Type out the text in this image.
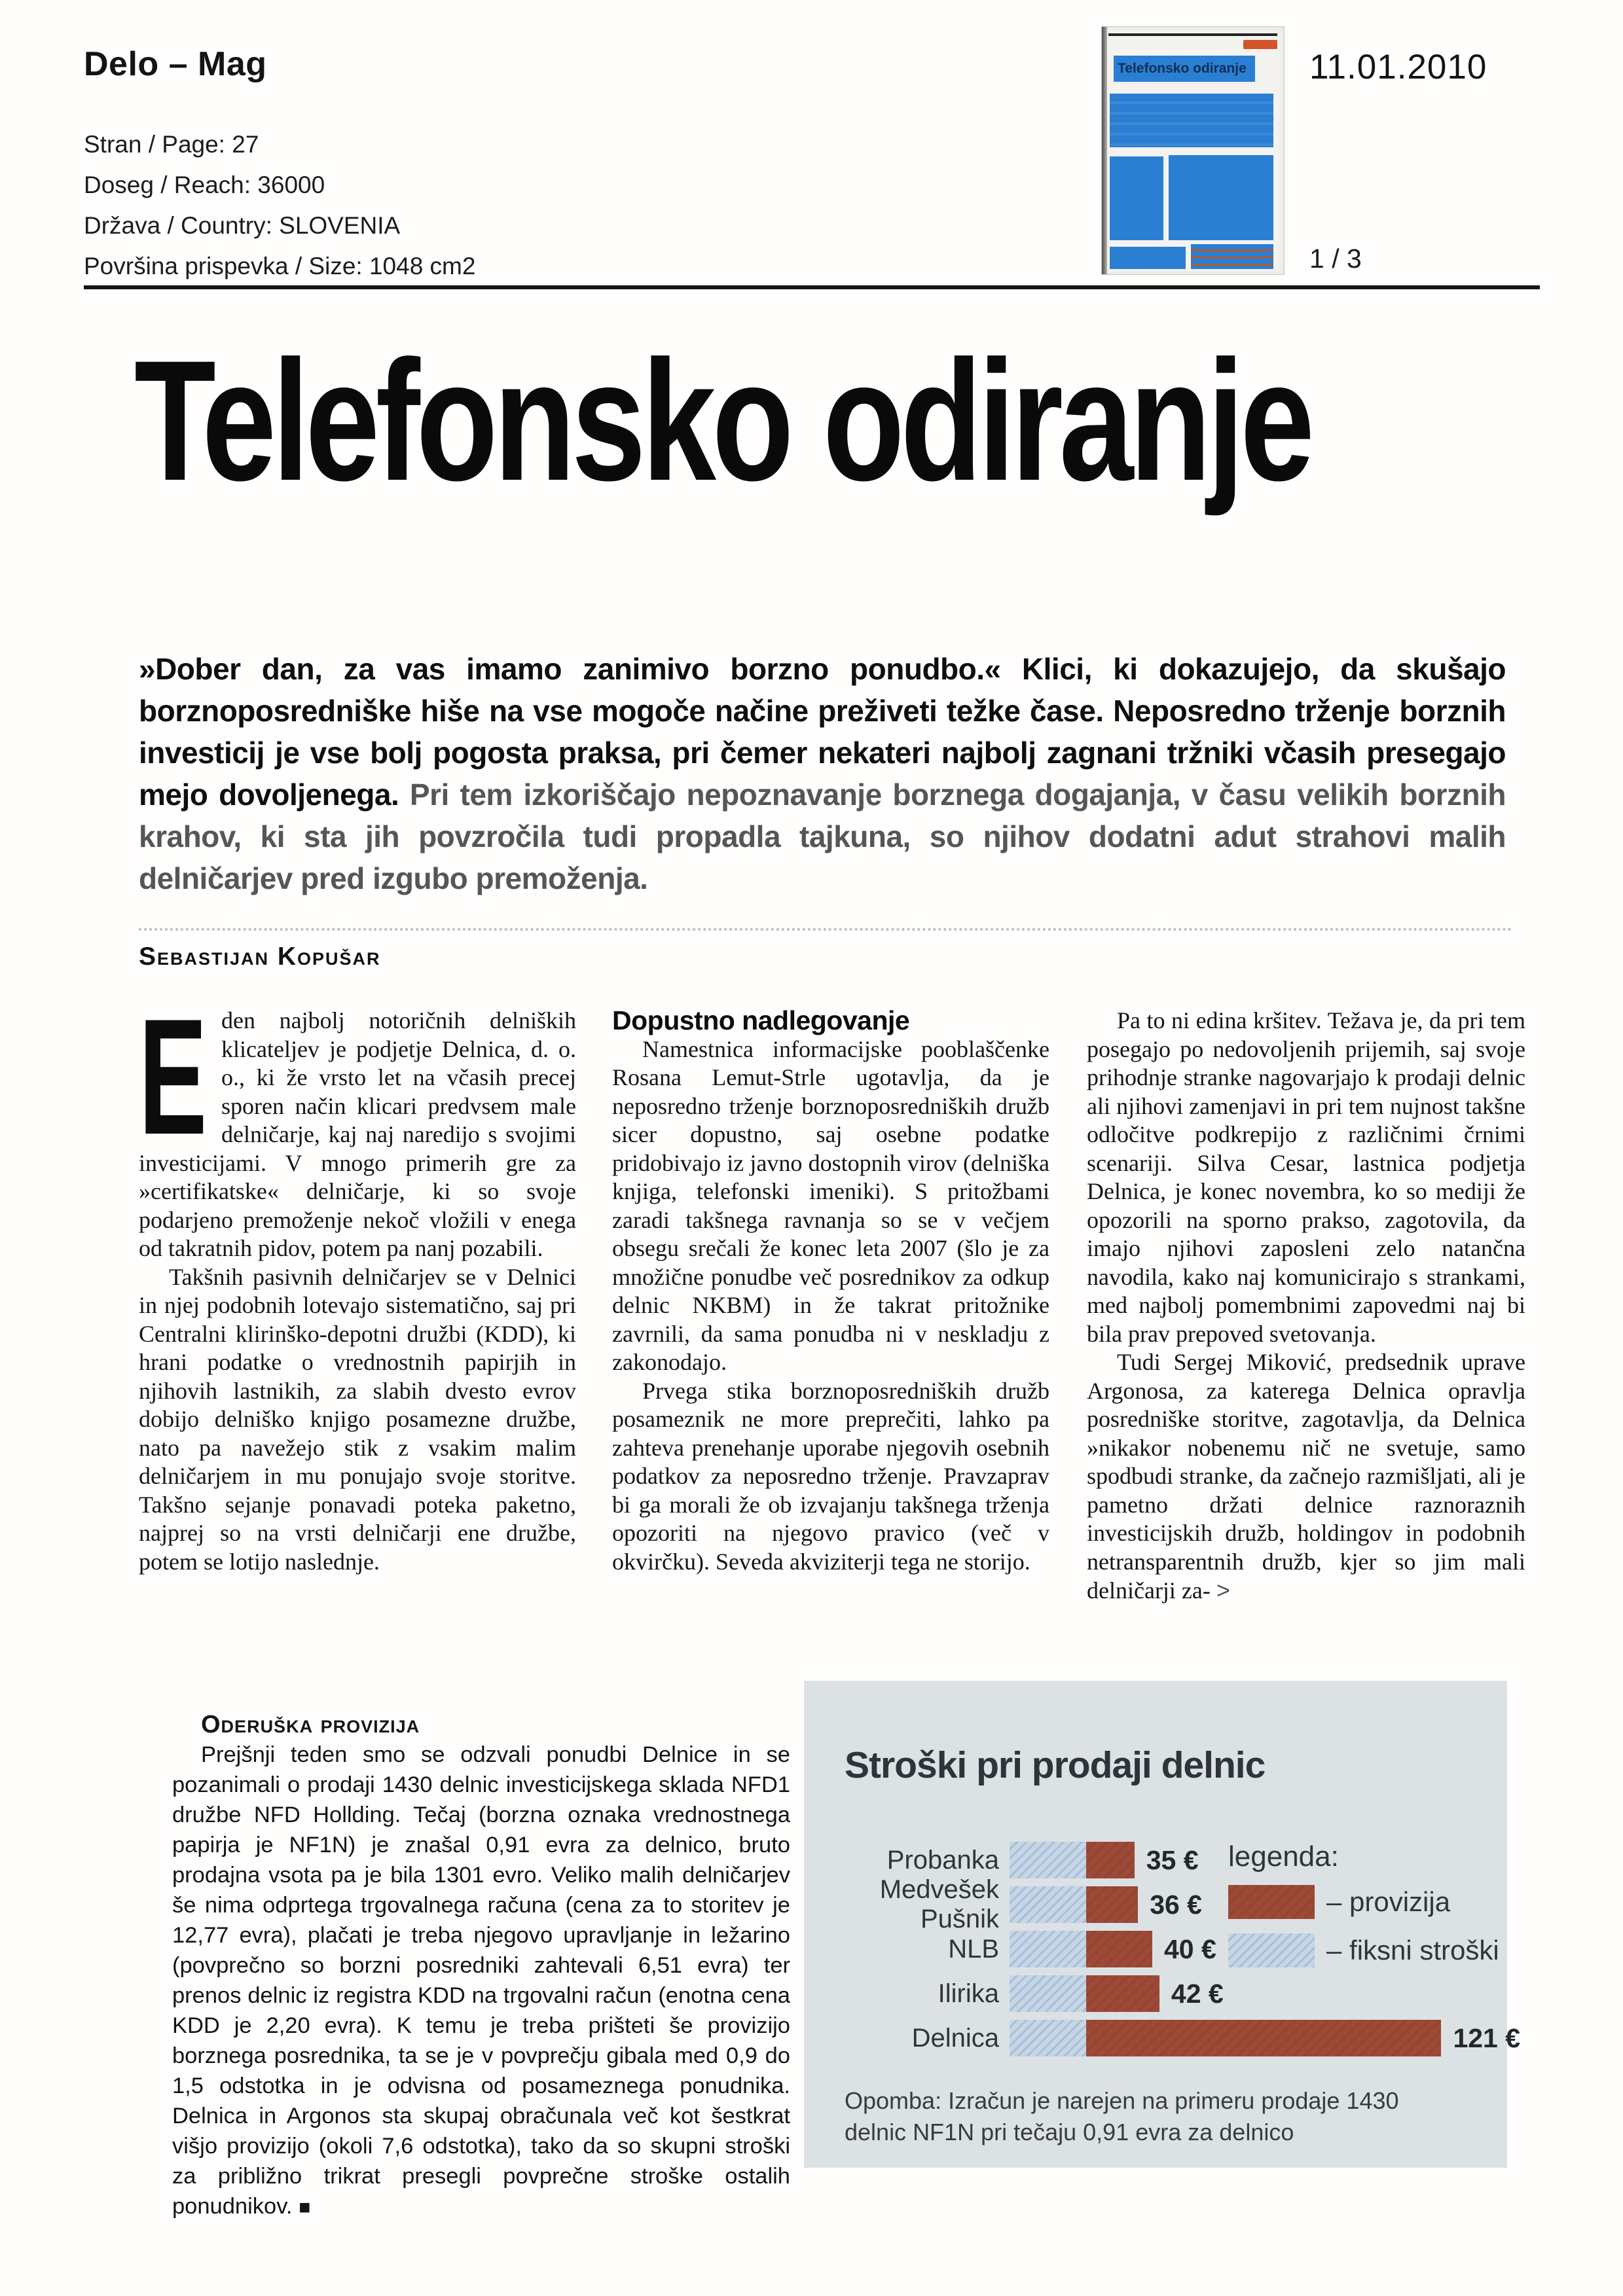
Delo – Mag
Stran / Page: 27
Doseg / Reach: 36000
Država / Country: SLOVENIA
Površina prispevka / Size: 1048 cm2
11.01.2010
1 / 3
Telefonsko odiranje
Telefonsko odiranje
»Dober dan, za vas imamo zanimivo borzno ponudbo.« Klici, ki dokazujejo, da skušajo borznoposredniške hiše na vse mogoče načine preživeti težke čase. Neposredno trženje borznih investicij je vse bolj pogosta praksa, pri čemer nekateri najbolj zagnani tržniki včasih presegajo mejo dovoljenega. Pri tem izkoriščajo nepoznavanje borznega dogajanja, v času velikih borznih krahov, ki sta jih povzročila tudi propadla tajkuna, so njihov dodatni adut strahovi malih delničarjev pred izgubo premoženja.
Sebastijan Kopušar

Eden najbolj notoričnih delniških klicateljev je podjetje Delnica, d. o. o., ki že vrsto let na včasih precej sporen način klicari predvsem male delničarje, kaj naj naredijo s svojimi investicijami. V mnogo primerih gre za »certifikatske« delničarje, ki so svoje podarjeno premoženje nekoč vložili v enega od takratnih pidov, potem pa nanj pozabili.

Takšnih pasivnih delničarjev se v Delnici in njej podobnih lotevajo sistematično, saj pri Centralni klirinško-depotni družbi (KDD), ki hrani podatke o vrednostnih papirjih in njihovih lastnikih, za slabih dvesto evrov dobijo delniško knjigo posamezne družbe, nato pa navežejo stik z vsakim malim delničarjem in mu ponujajo svoje storitve. Takšno sejanje ponavadi poteka paketno, najprej so na vrsti delničarji ene družbe, potem se lotijo naslednje.

Dopustno nadlegovanje

Namestnica informacijske pooblaščenke Rosana Lemut-Strle ugotavlja, da je neposredno trženje borznoposredniških družb sicer dopustno, saj osebne podatke pridobivajo iz javno dostopnih virov (delniška knjiga, telefonski imeniki). S pritožbami zaradi takšnega ravnanja so se v večjem obsegu srečali že konec leta 2007 (šlo je za množične ponudbe več posrednikov za odkup delnic NKBM) in že takrat pritožnike zavrnili, da sama ponudba ni v neskladju z zakonodajo.

Prvega stika borznoposredniških družb posameznik ne more preprečiti, lahko pa zahteva prenehanje uporabe njegovih osebnih podatkov za neposredno trženje. Pravzaprav bi ga morali že ob izvajanju takšnega trženja opozoriti na njegovo pravico (več v okvirčku). Seveda akviziterji tega ne storijo.

Pa to ni edina kršitev. Težava je, da pri tem posegajo po nedovoljenih prijemih, saj svoje prihodnje stranke nagovarjajo k prodaji delnic ali njihovi zamenjavi in pri tem nujnost takšne odločitve podkrepijo z različnimi črnimi scenariji. Silva Cesar, lastnica podjetja Delnica, je konec novembra, ko so mediji že opozorili na sporno prakso, zagotovila, da imajo njihovi zaposleni zelo natančna navodila, kako naj komunicirajo s strankami, med najbolj pomembnimi zapovedmi naj bi bila prav prepoved svetovanja.

Tudi Sergej Miković, predsednik uprave Argonosa, za katerega Delnica opravlja posredniške storitve, zagotavlja, da Delnica »nikakor nobenemu nič ne svetuje, samo spodbudi stranke, da začnejo razmišljati, ali je pametno držati delnice raznoraznih investicijskih družb, holdingov in podobnih netransparentnih družb, kjer so jim mali delničarji za- >

Oderuška provizija

Prejšnji teden smo se odzvali ponudbi Delnice in se pozanimali o prodaji 1430 delnic investicijskega sklada NFD1 družbe NFD Hollding. Tečaj (borzna oznaka vrednostnega papirja je NF1N) je znašal 0,91 evra za delnico, bruto prodajna vsota pa je bila 1301 evro. Veliko malih delničarjev še nima odprtega trgovalnega računa (cena za to storitev je 12,77 evra), plačati je treba njegovo upravljanje in ležarino (povprečno so borzni posredniki zahtevali 6,51 evra) ter prenos delnic iz registra KDD na trgovalni račun (enotna cena KDD je 2,20 evra). K temu je treba prišteti še provizijo borznega posrednika, ta se je v povprečju gibala med 0,9 do 1,5 odstotka in je odvisna od posameznega ponudnika. Delnica in Argonos sta skupaj obračunala več kot šestkrat višjo provizijo (okoli 7,6 odstotka), tako da so skupni stroški za približno trikrat presegli povprečne stroške ostalih ponudnikov. ■

Stroški pri prodaji delnic
Probanka	35 €
Medvešek Pušnik	36 €
NLB	40 €
Ilirika	42 €
Delnica	121 €
legenda:
– provizija
– fiksni stroški
Opomba: Izračun je narejen na primeru prodaje 1430 delnic NF1N pri tečaju 0,91 evra za delnico
